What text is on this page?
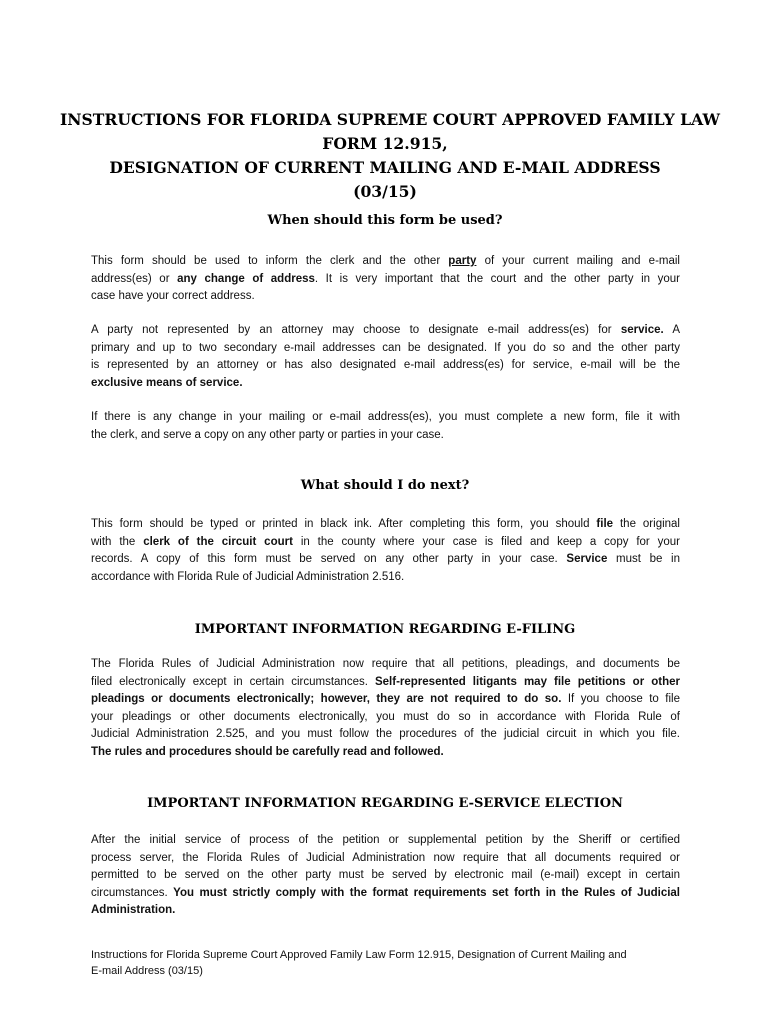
INSTRUCTIONS FOR FLORIDA SUPREME COURT APPROVED FAMILY LAW
FORM 12.915,
DESIGNATION OF CURRENT MAILING AND E-MAIL ADDRESS
(03/15)
When should this form be used?
This form should be used to inform the clerk and the other party of your current mailing and e-mail
address(es) or any change of address. It is very important that the court and the other party in your
case have your correct address.
A party not represented by an attorney may choose to designate e-mail address(es) for service. A
primary and up to two secondary e-mail addresses can be designated. If you do so and the other party
is represented by an attorney or has also designated e-mail address(es) for service, e-mail will be the
exclusive means of service.
If there is any change in your mailing or e-mail address(es), you must complete a new form, file it with
the clerk, and serve a copy on any other party or parties in your case.
What should I do next?
This form should be typed or printed in black ink. After completing this form, you should file the original
with the clerk of the circuit court in the county where your case is filed and keep a copy for your
records. A copy of this form must be served on any other party in your case. Service must be in
accordance with Florida Rule of Judicial Administration 2.516.
IMPORTANT INFORMATION REGARDING E-FILING
The Florida Rules of Judicial Administration now require that all petitions, pleadings, and documents be
filed electronically except in certain circumstances. Self-represented litigants may file petitions or other
pleadings or documents electronically; however, they are not required to do so. If you choose to file
your pleadings or other documents electronically, you must do so in accordance with Florida Rule of
Judicial Administration 2.525, and you must follow the procedures of the judicial circuit in which you file.
The rules and procedures should be carefully read and followed.
IMPORTANT INFORMATION REGARDING E-SERVICE ELECTION
After the initial service of process of the petition or supplemental petition by the Sheriff or certified
process server, the Florida Rules of Judicial Administration now require that all documents required or
permitted to be served on the other party must be served by electronic mail (e-mail) except in certain
circumstances. You must strictly comply with the format requirements set forth in the Rules of Judicial
Administration.
Instructions for Florida Supreme Court Approved Family Law Form 12.915, Designation of Current Mailing and
E-mail Address (03/15)
